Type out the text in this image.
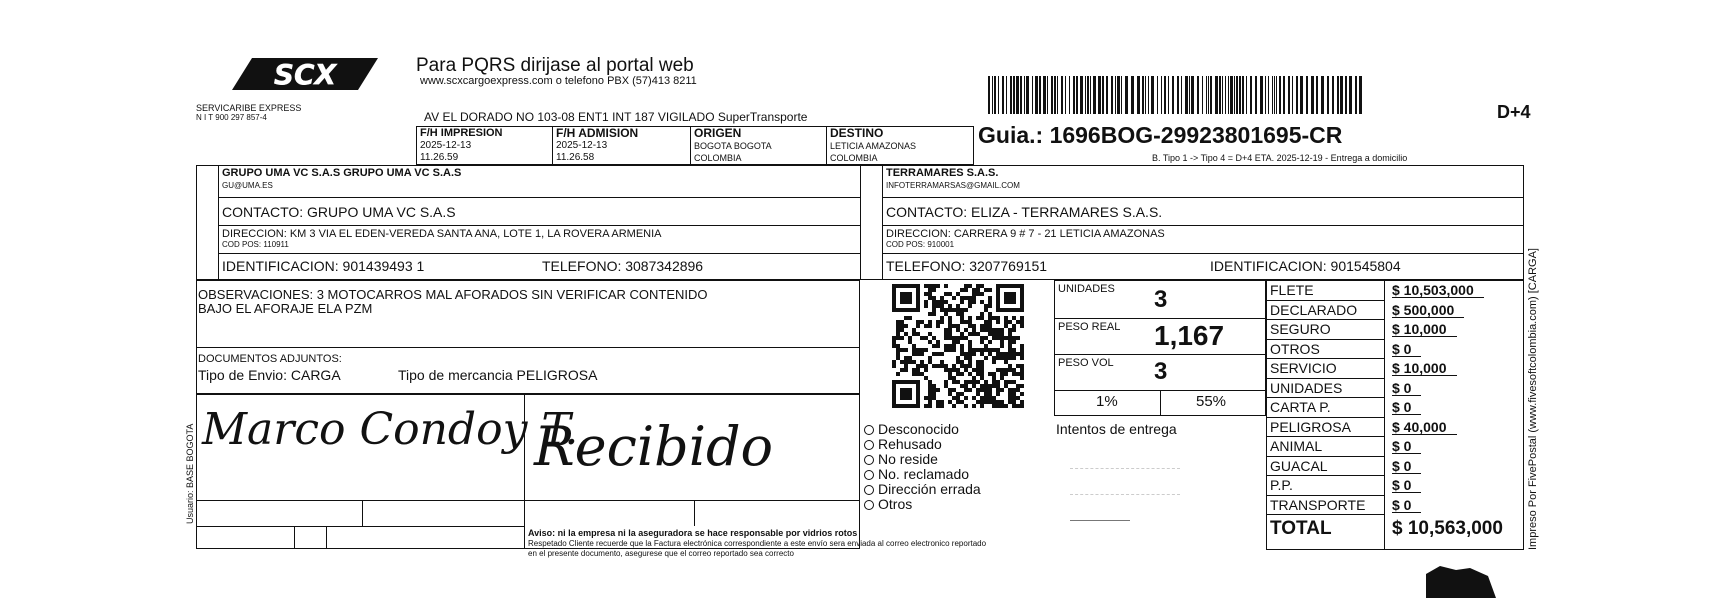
SCX
SERVICARIBE EXPRESS
N I T 900 297 857-4
Para PQRS dirijase al portal web
www.scxcargoexpress.com o telefono PBX (57)413 8211
AV EL DORADO NO 103-08 ENT1 INT 187 VIGILADO SuperTransporte	D+4
Guia.: 1696BOG-29923801695-CR
B. Tipo 1 -> Tipo 4 = D+4 ETA. 2025-12-19 - Entrega a domicilio
F/H IMPRESION
2025-12-13
11.26.59
F/H ADMISION
2025-12-13
11.26.58
ORIGEN
BOGOTA BOGOTA
COLOMBIA
DESTINO
LETICIA AMAZONAS
COLOMBIA
GRUPO UMA VC S.A.S GRUPO UMA VC S.A.S
GU@UMA.ES
CONTACTO: GRUPO UMA VC S.A.S
DIRECCION: KM 3 VIA EL EDEN-VEREDA SANTA ANA, LOTE 1, LA ROVERA ARMENIA
COD POS: 110911
IDENTIFICACION: 901439493 1	TELEFONO: 3087342896
TERRAMARES S.A.S.
INFOTERRAMARSAS@GMAIL.COM
CONTACTO: ELIZA - TERRAMARES S.A.S.
DIRECCION: CARRERA 9 # 7 - 21 LETICIA AMAZONAS
COD POS: 910001
TELEFONO: 3207769151	IDENTIFICACION: 901545804
OBSERVACIONES: 3 MOTOCARROS MAL AFORADOS SIN VERIFICAR CONTENIDO
BAJO EL AFORAJE ELA PZM
DOCUMENTOS ADJUNTOS:
Tipo de Envio: CARGA	Tipo de mercancia PELIGROSA
Usuario: BASE BOGOTA Marco Condoy T.
Recibido
Aviso: ni la empresa ni la aseguradora se hace responsable por vidrios rotos
Respetado Cliente recuerde que la Factura electrónica correspondiente a este envío sera enviada al correo electronico reportado
en el presente documento, asegurese que el correo reportado sea correcto
UNIDADES 3
PESO REAL 1,167
PESO VOL 3
1%	55%
Desconocido
Rehusado
No reside
No. reclamado
Dirección errada
Otros
Intentos de entrega
FLETE	$ 10,503,000
DECLARADO $ 500,000
SEGURO	$ 10,000
OTROS	$ 0
SERVICIO	$ 10,000
UNIDADES	$ 0
CARTA P.	$ 0
PELIGROSA	$ 40,000
ANIMAL	$ 0
GUACAL	$ 0
P.P.	$ 0
TRANSPORTE $ 0
TOTAL	$ 10,563,000 Impreso Por FivePostal (www.fivesoftcolombia.com) [CARGA]
